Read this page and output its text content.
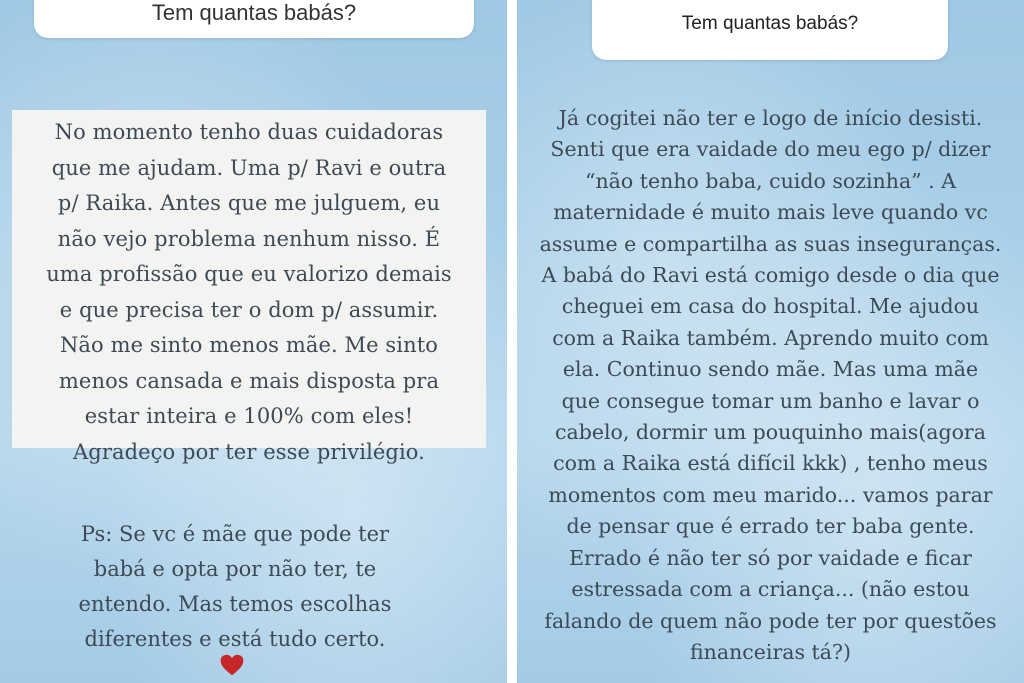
Tem quantas babás?
No momento tenho duas cuidadoras
que me ajudam. Uma p/ Ravi e outra
p/ Raika. Antes que me julguem, eu
não vejo problema nenhum nisso. É
uma profissão que eu valorizo demais
e que precisa ter o dom p/ assumir.
Não me sinto menos mãe. Me sinto
menos cansada e mais disposta pra
estar inteira e 100% com eles!
Agradeço por ter esse privilégio.
Ps: Se vc é mãe que pode ter
babá e opta por não ter, te
entendo. Mas temos escolhas
diferentes e está tudo certo.
Tem quantas babás?
Já cogitei não ter e logo de início desisti.
Senti que era vaidade do meu ego p/ dizer
“não tenho baba, cuido sozinha” . A
maternidade é muito mais leve quando vc
assume e compartilha as suas inseguranças.
A babá do Ravi está comigo desde o dia que
cheguei em casa do hospital. Me ajudou
com a Raika também. Aprendo muito com
ela. Continuo sendo mãe. Mas uma mãe
que consegue tomar um banho e lavar o
cabelo, dormir um pouquinho mais(agora
com a Raika está difícil kkk) , tenho meus
momentos com meu marido... vamos parar
de pensar que é errado ter baba gente.
Errado é não ter só por vaidade e ficar
estressada com a criança... (não estou
falando de quem não pode ter por questões
financeiras tá?)
